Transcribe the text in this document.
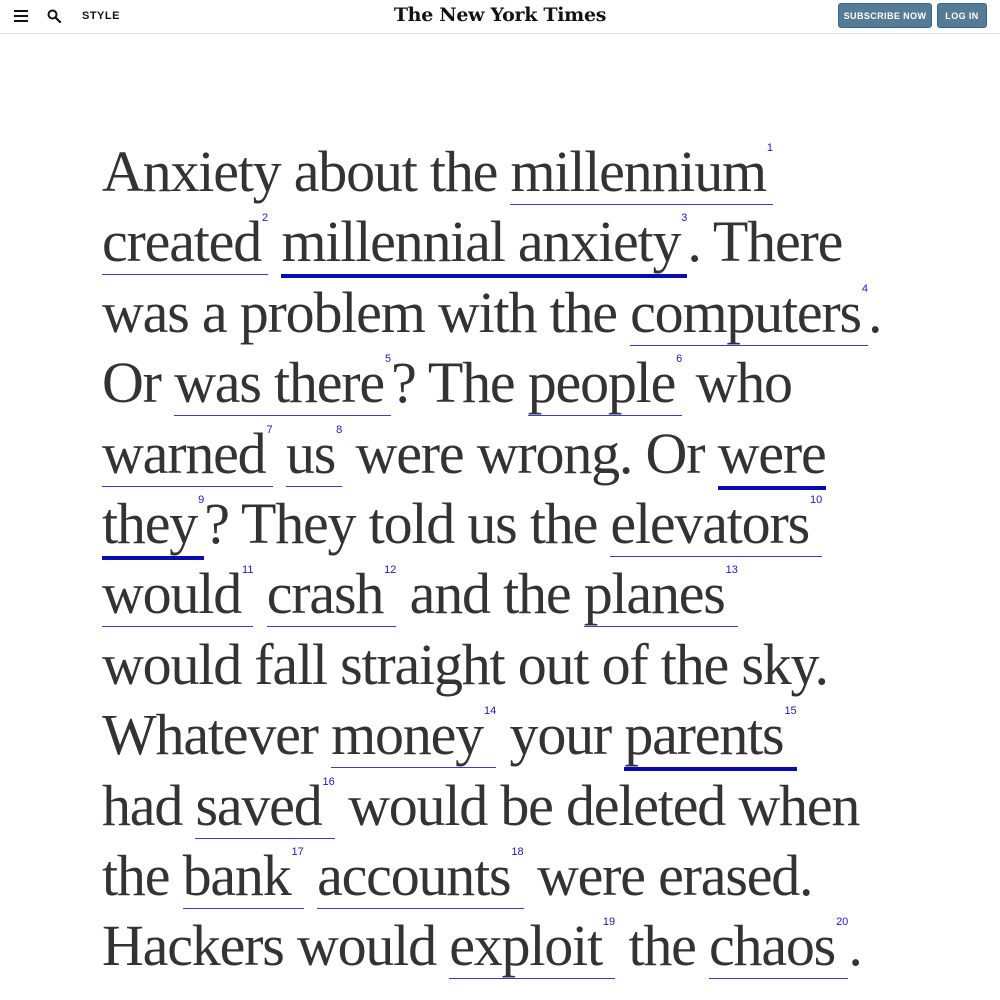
STYLE	The New York Times	SUBSCRIBE NOW	LOG IN
Anxiety about the millennium$^1$ created$^2$ millennial anxiety$^3$. There was a problem with the computers$^4$. Or was there$^5$? The people$^6$ who warned$^7$ $us^8$ were wrong. Or were they$^9$? They told us the elevators$^{10}$ would$^{11}$ crash$^{12}$ and the planes$^{13}$ would fall straight out of the sky. Whatever money$^{14}$ your parents$^{15}$ had saved$^{16}$ would be deleted when the bank$^{17}$ accounts$^{18}$ were erased. Hackers would exploit$^{19}$ the chaos$^{20}$.
